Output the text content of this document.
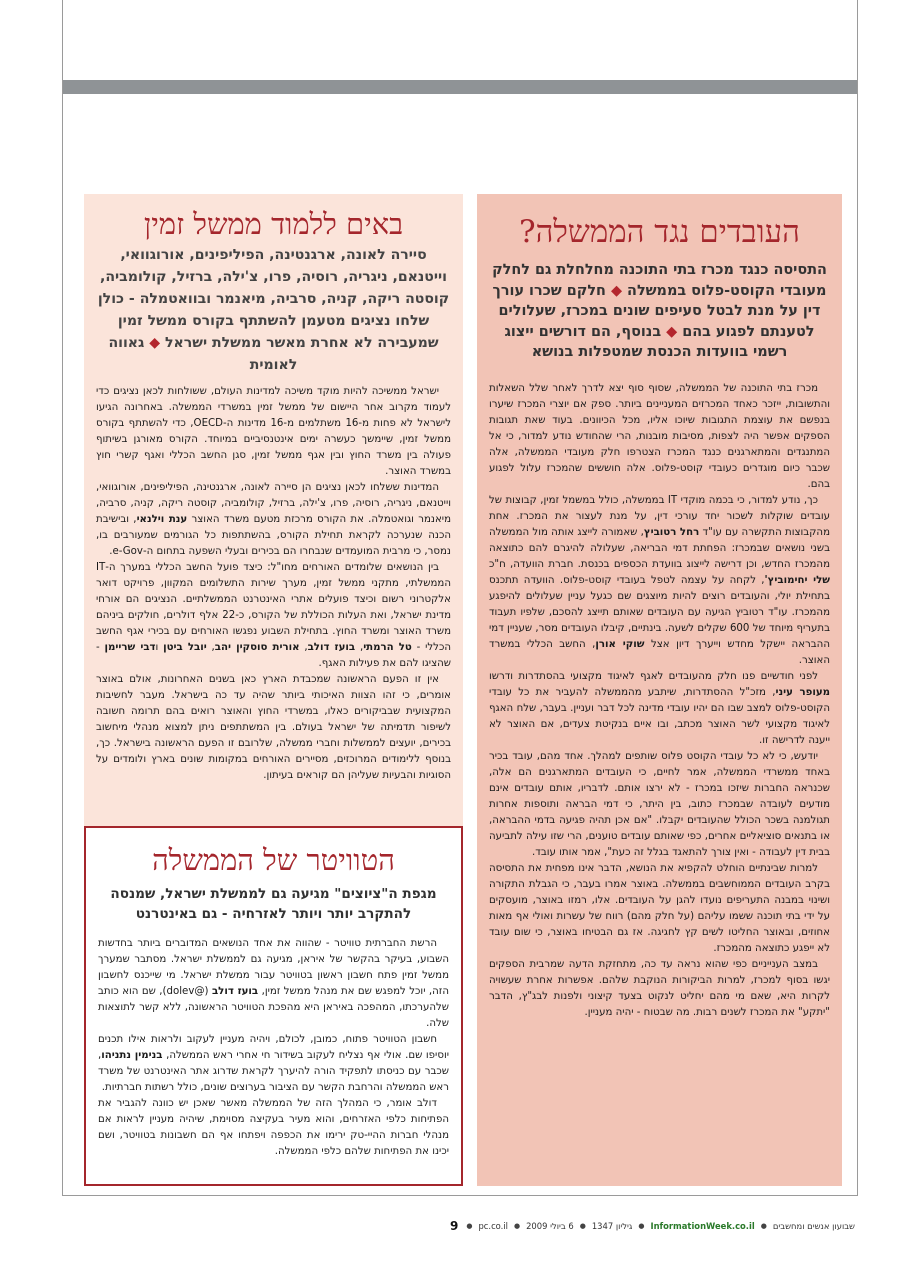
העובדים נגד הממשלה?
התסיסה כנגד מכרז בתי התוכנה מחלחלת גם לחלק מעובדי הקוסט-פלוס בממשלה ◆ חלקם שכרו עורך דין על מנת לבטל סעיפים שונים במכרז, שעלולים לטענתם לפגוע בהם ◆ בנוסף, הם דורשים ייצוג רשמי בוועדות הכנסת שמטפלות בנושא

מכרז בתי התוכנה של הממשלה, שסוף סוף יצא לדרך לאחר שלל השאלות והתשובות, ייזכר כאחד המכרזים המעניינים ביותר. ספק אם יוצרי המכרז שיערו בנפשם את עוצמת התגובות שיוכו אליו, מכל הכיוונים. בעוד שאת תגובות הספקים אפשר היה לצפות, מסיבות מובנות, הרי שהחודש נודע למדור, כי אל המתנגדים והמתארגנים כנגד המכרז הצטרפו חלק מעובדי הממשלה, אלה שכבר כיום מוגדרים כעובדי קוסט-פלוס. אלה חוששים שהמכרז עלול לפגוע בהם.

כך, נודע למדור, כי בכמה מוקדי IT בממשלה, כולל במשמל זמין, קבוצות של עובדים שוקלות לשכור יחד עורכי דין, על מנת לעצור את המכרז. אחת מהקבוצות התקשרה עם עו"ד רחל רטוביץ, שאמורה לייצג אותה מול הממשלה בשני נושאים שבמכרז: הפחתת דמי הבריאה, שעלולה להיגרם להם כתוצאה מהמכרז החדש, וכן דרישה לייצוג בוועדת הכספים בכנסת. חברת הוועדה, ח"כ שלי יחימוביץ', לקחה על עצמה לטפל בעובדי קוסט-פלוס. הוועדה תתכנס בתחילת יולי, והעובדים רוצים להיות מיוצגים שם כגעל עניין שעלולים להיפגע מהמכרז. עו"ד רטוביץ הגיעה עם העובדים שאותם תייצג להסכם, שלפיו תעבוד בתעריף מיוחד של 600 שקלים לשעה. בינתיים, קיבלו העובדים מסר, שעניין דמי ההבראה יישקל מחדש וייערך דיון אצל שוקי אורן, החשב הכללי במשרד האוצר.

לפני חודשיים פנו חלק מהעובדים לאגף לאיגוד מקצועי בהסתדרות ודרשו מעופר עיני, מזכ"ל ההסתדרות, שיתבע מהממשלה להעביר את כל עובדי הקוסט-פלוס למצב שבו הם יהיו עובדי מדינה לכל דבר ועניין. בעבר, שלח האגף לאיגוד מקצועי לשר האוצר מכתב, ובו איים בנקיטת צעדים, אם האוצר לא ייענה לדרישה זו.

יודעש, כי לא כל עובדי הקוסט פלוס שותפים למהלך. אחד מהם, עובד בכיר באחד ממשרדי הממשלה, אמר לחיים, כי העובדים המתארגנים הם אלה, שכנראה החברות שיזכו במכרז - לא ירצו אותם. לדבריו, אותם עובדים אינם מודעים לעובדה שבמכרז כתוב, בין היתר, כי דמי הבראה ותוספות אחרות תגולמנה בשכר הכולל שהעובדים יקבלו. "אם אכן תהיה פגיעה בדמי ההבראה, או בתנאים סוציאליים אחרים, כפי שאותם עובדים טוענים, הרי שזו עילה לתביעה בבית דין לעבודה - ואין צורך להתאגד בגלל זה כעת", אמר אותו עובד.

למרות שבינתיים הוחלט להקפיא את הנושא, הדבר אינו מפחית את התסיסה בקרב העובדים הממוחשבים בממשלה. באוצר אמרו בעבר, כי הגבלת התקורה ושינוי במבנה התעריפים נועדו להגן על העובדים. אלו, רמזו באוצר, מועסקים על ידי בתי תוכנה ששמו עליהם (על חלק מהם) רווח של עשרות ואולי אף מאות אחוזים, ובאוצר החליטו לשים קץ לחגיגה. אז גם הבטיחו באוצר, כי שום עובד לא ייפגע כתוצאה מהמכרז.

במצב הענייניים כפי שהוא נראה עד כה, מתחזקת הדעה שמרבית הספקים יגשו בסוף למכרז, למרות הביקורות הנוקבת שלהם. אפשרות אחרת שעשויה לקרות היא, שאם מי מהם יחליט לנקוט בצעד קיצוני ולפנות לבג"ץ, הדבר "יתקע" את המכרז לשנים רבות. מה שבטוח - יהיה מעניין.

באים ללמוד ממשל זמין
סיירה לאונה, ארגנטינה, הפיליפינים, אורוגוואי, וייטנאם, ניגריה, רוסיה, פרו, צ'ילה, ברזיל, קולומביה, קוסטה ריקה, קניה, סרביה, מיאנמר ובוואטמלה - כולן שלחו נציגים מטעמן להשתתף בקורס ממשל זמין שמעבירה לא אחרת מאשר ממשלת ישראל ◆ גאווה לאומית

ישראל ממשיכה להיות מוקד משיכה למדינות העולם, ששולחות לכאן נציגים כדי לעמוד מקרוב אחר היישום של ממשל זמין במשרדי הממשלה. באחרונה הגיעו לישראל לא פחות מ-16 משתלמים מ-16 מדינות ה-OECD, כדי להשתתף בקורס ממשל זמין, שיימשך כעשרה ימים אינטנסיביים במיוחד. הקורס מאורגן בשיתוף פעולה בין משרד החוץ ובין אגף ממשל זמין, סגן החשב הכללי ואגף קשרי חוץ במשרד האוצר.

המדינות ששלחו לכאן נציגים הן סיירה לאונה, ארגנטינה, הפיליפינים, אורוגוואי, וייטנאם, ניגריה, רוסיה, פרו, צ'ילה, ברזיל, קולומביה, קוסטה ריקה, קניה, סרביה, מיאנמר וגואטמלה. את הקורס מרכזת מטעם משרד האוצר ענת וילנאי, ובישיבת הכנה שנערכה לקראת תחילת הקורס, בהשתתפות כל הגורמים שמעורבים בו, נמסר, כי מרבית המועמדים שנבחרו הם בכירים ובעלי השפעה בתחום ה-e-Gov.

בין הנושאים שלומדים האורחים מחו"ל: כיצד פועל החשב הכללי במערך ה-IT הממשלתי, מתקני ממשל זמין, מערך שירות התשלומים המקוון, פרויקט דואר אלקטרוני רשום וכיצד פועלים אתרי האינטרנט הממשלתיים. הנציגים הם אורחי מדינת ישראל, ואת העלות הכוללת של הקורס, כ-22 אלף דולרים, חולקים ביניהם משרד האוצר ומשרד החוץ. בתחילת השבוע נפגשו האורחים עם בכירי אגף החשב הכללי - טל הרמתי, בועז דולב, אורית סוסקין יהב, יובל ביטן ודבי שריימן - שהציגו להם את פעילות האגף.

אין זו הפעם הראשונה שמכבדת הארץ כאן בשנים האחרונות, אולם באוצר אומרים, כי זהו הצוות האיכותי ביותר שהיה עד כה בישראל. מעבר לחשיבות המקצועית שבביקורים כאלו, במשרדי החוץ והאוצר רואים בהם תרומה חשובה לשיפור תדמיתה של ישראל בעולם. בין המשתתפים ניתן למצוא מנהלי מיחשוב בכירים, יועצים לממשלות וחברי ממשלה, שלרובם זו הפעם הראשונה בישראל. כך, בנוסף ללימודים המרוכזים, מסיירים האורחים במקומות שונים בארץ ולומדים על הסוגיות והבעיות שעליהן הם קוראים בעיתון.

הטוויטר של הממשלה
מגפת ה"ציוצים" מגיעה גם לממשלת ישראל, שמנסה להתקרב יותר ויותר לאזרחיה - גם באינטרנט

הרשת החברתית טוויטר - שהווה את אחד הנושאים המדוברים ביותר בחדשות השבוע, בעיקר בהקשר של איראן, מגיעה גם לממשלת ישראל. מסתבר שמערך ממשל זמין פתח חשבון ראשון בטוויטר עבור ממשלת ישראל. מי שייכנס לחשבון הזה, יוכל למפגש שם את מנהל ממשל זמין, בועז דולב (@dolev), שם הוא כותב שלהערכתו, המהפכה באיראן היא מהפכת הטוויטר הראשונה, ללא קשר לתוצאות שלה.

חשבון הטוויטר פתוח, כמובן, לכולם, ויהיה מעניין לעקוב ולראות אילו תכנים יוסיפו שם. אולי אף נצליח לעקוב בשידור חי אחרי ראש הממשלה, בנימין נתניהו, שכבר עם כניסתו לתפקיד הורה להיערך לקראת שדרוג אתר האינטרנט של משרד ראש הממשלה והרחבת הקשר עם הציבור בערוצים שונים, כולל רשתות חברתיות.

דולב אומר, כי המהלך הזה של הממשלה מאשר שאכן יש כוונה להגביר את הפתיחות כלפי האזרחים, והוא מעיר בעקיצה מסוימת, שיהיה מעניין לראות אם מנהלי חברות ההיי-טק ירימו את הכפפה ויפתחו אף הם חשבונות בטוויטר, ושם יכינו את הפתיחות שלהם כלפי הממשלה.

שבועון אנשים ומחשבים
●
InformationWeek.co.il
●
גיליון 1347
●
6 ביולי 2009
●
pc.co.il
●
9
